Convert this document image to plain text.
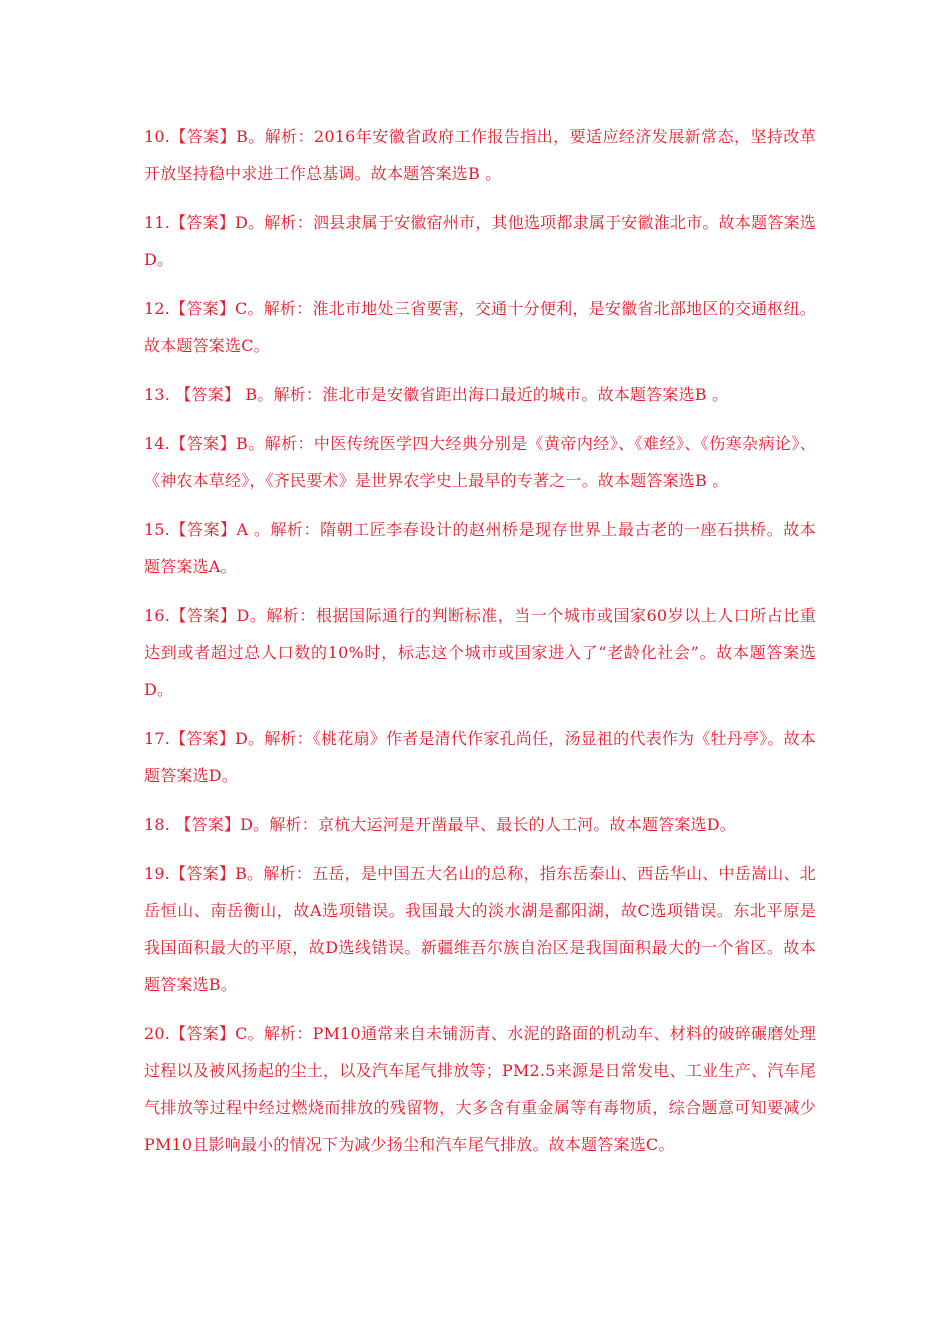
10.【答案】B。解析：2016年安徽省政府工作报告指出，要适应经济发展新常态，坚持改革开放坚持稳中求进工作总基调。故本题答案选B 。

11.【答案】D。解析：泗县隶属于安徽宿州市，其他选项都隶属于安徽淮北市。故本题答案选D。

12.【答案】C。解析：淮北市地处三省要害，交通十分便利，是安徽省北部地区的交通枢纽。故本题答案选C。

13. 【答案】 B。解析：淮北市是安徽省距出海口最近的城市。故本题答案选B 。

14.【答案】B。解析：中医传统医学四大经典分别是《黄帝内经》、《难经》、《伤寒杂病论》、《神农本草经》，《齐民要术》是世界农学史上最早的专著之一。故本题答案选B 。

15.【答案】A 。解析：隋朝工匠李春设计的赵州桥是现存世界上最古老的一座石拱桥。故本题答案选A。

16.【答案】D。解析：根据国际通行的判断标准，当一个城市或国家60岁以上人口所占比重达到或者超过总人口数的10%时，标志这个城市或国家进入了“老龄化社会”。故本题答案选D。

17.【答案】D。解析：《桃花扇》作者是清代作家孔尚任，汤显祖的代表作为《牡丹亭》。故本题答案选D。

18. 【答案】D。解析：京杭大运河是开凿最早、最长的人工河。故本题答案选D。

19.【答案】B。解析：五岳，是中国五大名山的总称，指东岳泰山、西岳华山、中岳嵩山、北岳恒山、南岳衡山，故A选项错误。我国最大的淡水湖是鄱阳湖，故C选项错误。东北平原是我国面积最大的平原，故D选线错误。新疆维吾尔族自治区是我国面积最大的一个省区。故本题答案选B。

20.【答案】C。解析：PM10通常来自未铺沥青、水泥的路面的机动车、材料的破碎碾磨处理过程以及被风扬起的尘土，以及汽车尾气排放等；PM2.5来源是日常发电、工业生产、汽车尾气排放等过程中经过燃烧而排放的残留物，大多含有重金属等有毒物质，综合题意可知要减少PM10且影响最小的情况下为减少扬尘和汽车尾气排放。故本题答案选C。
